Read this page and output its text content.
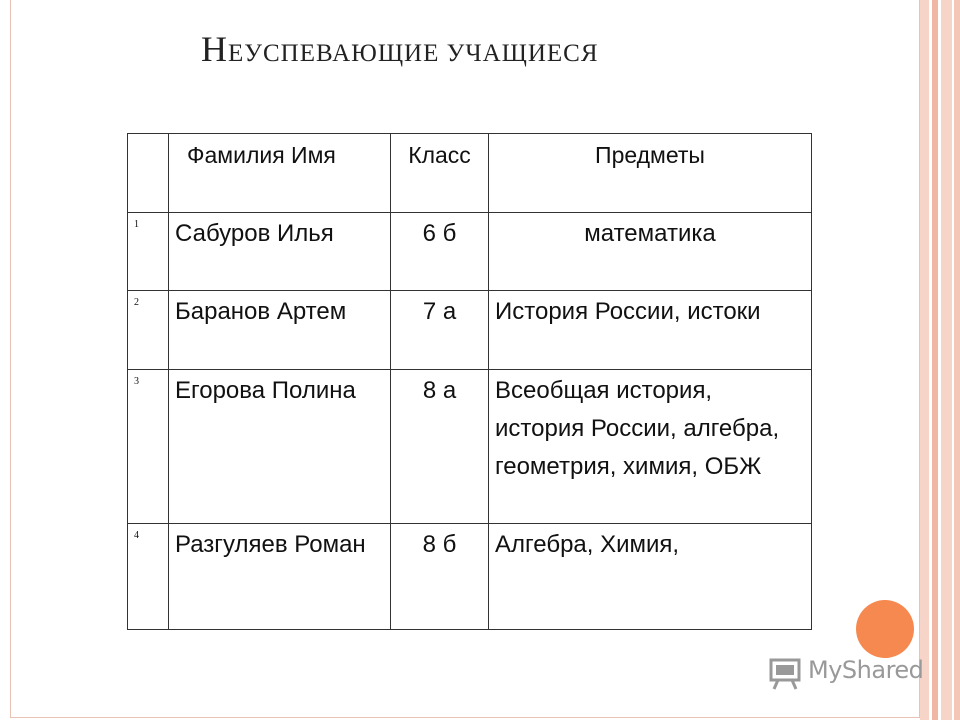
НЕУСПЕВАЮЩИЕ УЧАЩИЕСЯ
	Фамилия Имя	Класс	Предметы
1	Сабуров Илья	6 б	математика
2	Баранов Артем	7 а	История России, истоки
3	Егорова Полина	8 а	Всеобщая история, история России, алгебра, геометрия, химия, ОБЖ
4	Разгуляев Роман	8 б	Алгебра, Химия,
MyShared
